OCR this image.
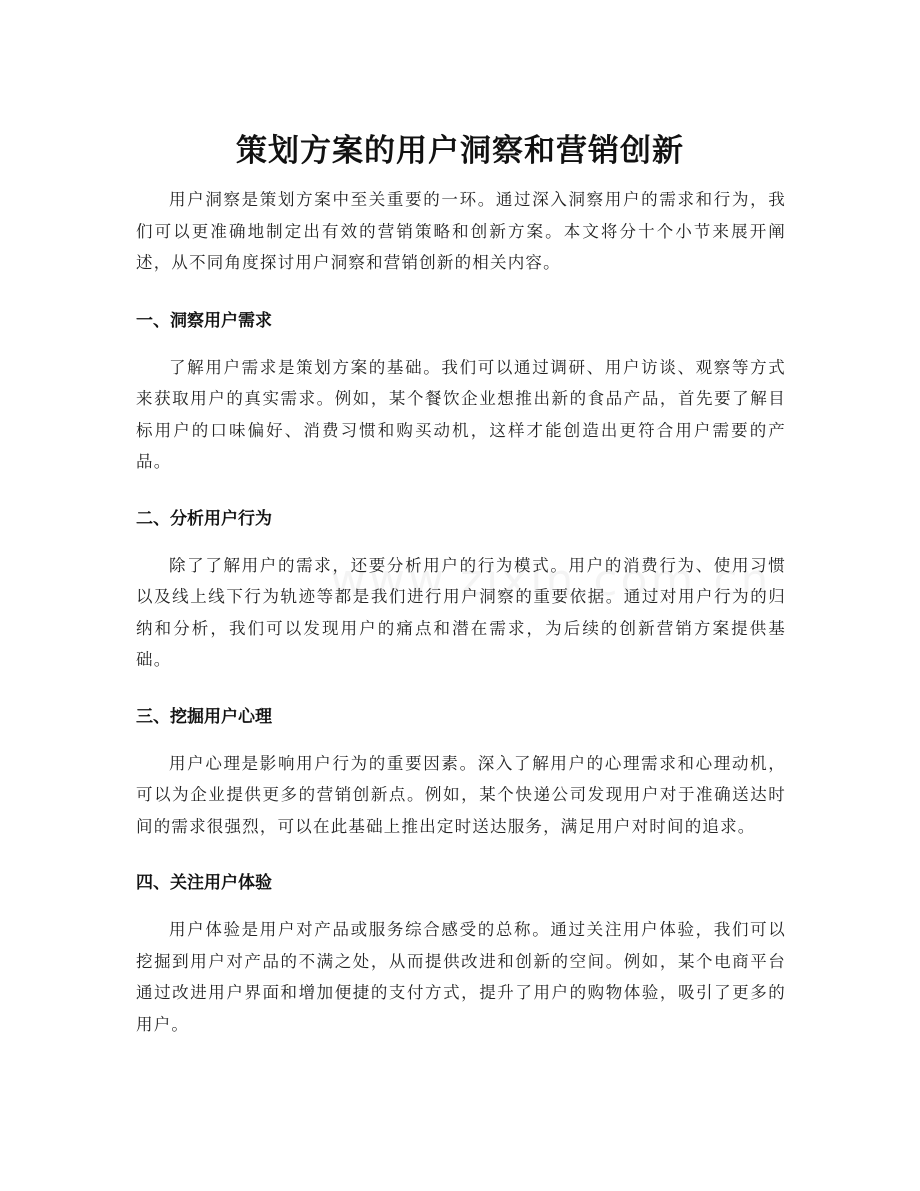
策划方案的用户洞察和营销创新

用户洞察是策划方案中至关重要的一环。通过深入洞察用户的需求和行为，我们可以更准确地制定出有效的营销策略和创新方案。本文将分十个小节来展开阐述，从不同角度探讨用户洞察和营销创新的相关内容。

一、洞察用户需求

了解用户需求是策划方案的基础。我们可以通过调研、用户访谈、观察等方式来获取用户的真实需求。例如，某个餐饮企业想推出新的食品产品，首先要了解目标用户的口味偏好、消费习惯和购买动机，这样才能创造出更符合用户需要的产品。

二、分析用户行为

除了了解用户的需求，还要分析用户的行为模式。用户的消费行为、使用习惯以及线上线下行为轨迹等都是我们进行用户洞察的重要依据。通过对用户行为的归纳和分析，我们可以发现用户的痛点和潜在需求，为后续的创新营销方案提供基础。

三、挖掘用户心理

用户心理是影响用户行为的重要因素。深入了解用户的心理需求和心理动机，可以为企业提供更多的营销创新点。例如，某个快递公司发现用户对于准确送达时间的需求很强烈，可以在此基础上推出定时送达服务，满足用户对时间的追求。

四、关注用户体验

用户体验是用户对产品或服务综合感受的总称。通过关注用户体验，我们可以挖掘到用户对产品的不满之处，从而提供改进和创新的空间。例如，某个电商平台通过改进用户界面和增加便捷的支付方式，提升了用户的购物体验，吸引了更多的用户。
